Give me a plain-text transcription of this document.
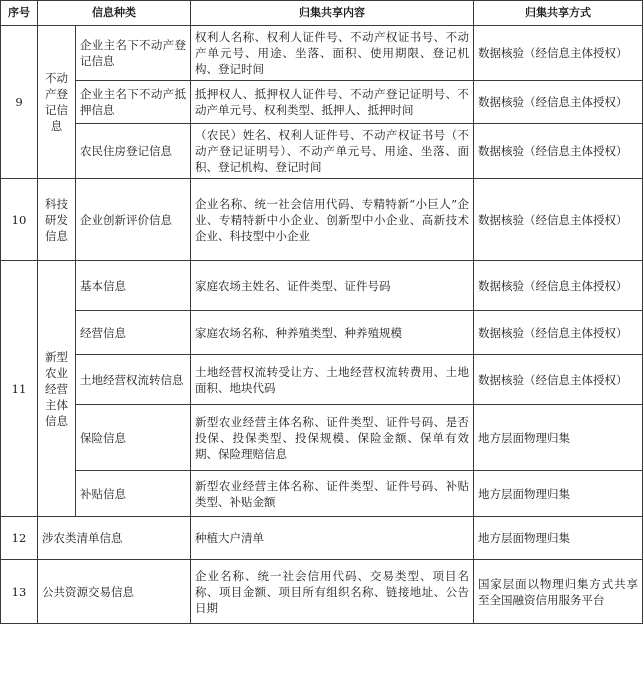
序号	信息种类		归集共享内容	归集共享方式
9	不动产登记信息	企业主名下不动产登记信息	权利人名称、权利人证件号、不动产权证书号、不动产单元号、用途、坐落、面积、使用期限、登记机构、登记时间	数据核验（经信息主体授权）
		企业主名下不动产抵押信息	抵押权人、抵押权人证件号、不动产登记证明号、不动产单元号、权利类型、抵押人、抵押时间	数据核验（经信息主体授权）
		农民住房登记信息	（农民）姓名、权利人证件号、不动产权证书号（不动产登记证明号）、不动产单元号、用途、坐落、面积、登记机构、登记时间	数据核验（经信息主体授权）
10	科技研发信息	企业创新评价信息	企业名称、统一社会信用代码、专精特新“小巨人”企业、专精特新中小企业、创新型中小企业、高新技术企业、科技型中小企业	数据核验（经信息主体授权）
11	新型农业经营主体信息	基本信息	家庭农场主姓名、证件类型、证件号码	数据核验（经信息主体授权）
		经营信息	家庭农场名称、种养殖类型、种养殖规模	数据核验（经信息主体授权）
		土地经营权流转信息	土地经营权流转受让方、土地经营权流转费用、土地面积、地块代码	数据核验（经信息主体授权）
		保险信息	新型农业经营主体名称、证件类型、证件号码、是否投保、投保类型、投保规模、保险金额、保单有效期、保险理赔信息	地方层面物理归集
		补贴信息	新型农业经营主体名称、证件类型、证件号码、补贴类型、补贴金额	地方层面物理归集
12	涉农类清单信息		种植大户清单	地方层面物理归集
13	公共资源交易信息		企业名称、统一社会信用代码、交易类型、项目名称、项目金额、项目所有组织名称、链接地址、公告日期	国家层面以物理归集方式共享至全国融资信用服务平台
